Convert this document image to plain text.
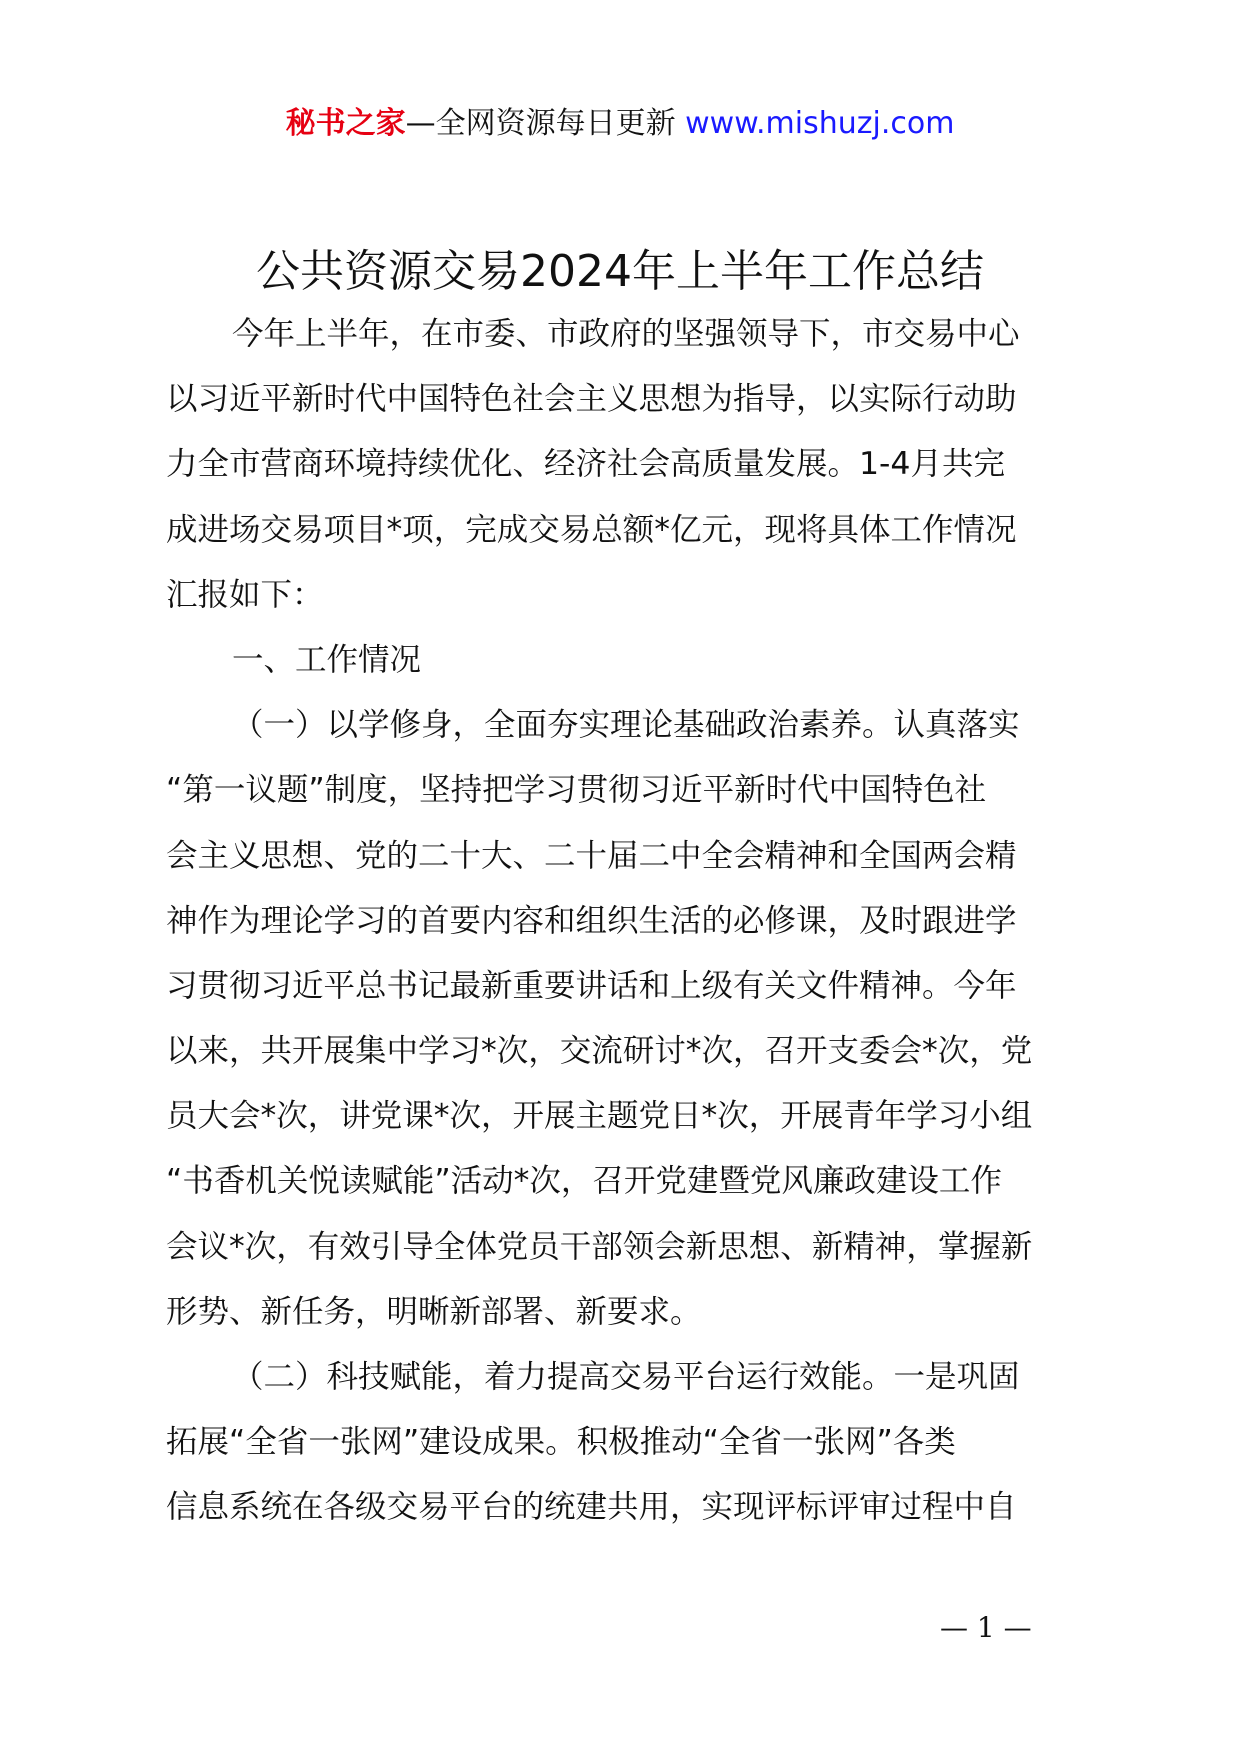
秘书之家—全网资源每日更新 www.mishuzj.com
公共资源交易2024年上半年工作总结
今年上半年，在市委、市政府的坚强领导下，市交易中心
以习近平新时代中国特色社会主义思想为指导，以实际行动助
力全市营商环境持续优化、经济社会高质量发展。1-4月共完
成进场交易项目*项，完成交易总额*亿元，现将具体工作情况
汇报如下：
一、工作情况
（一）以学修身，全面夯实理论基础政治素养。认真落实
“第一议题”制度，坚持把学习贯彻习近平新时代中国特色社
会主义思想、党的二十大、二十届二中全会精神和全国两会精
神作为理论学习的首要内容和组织生活的必修课，及时跟进学
习贯彻习近平总书记最新重要讲话和上级有关文件精神。今年
以来，共开展集中学习*次，交流研讨*次，召开支委会*次，党
员大会*次，讲党课*次，开展主题党日*次，开展青年学习小组
“书香机关悦读赋能”活动*次，召开党建暨党风廉政建设工作
会议*次，有效引导全体党员干部领会新思想、新精神，掌握新
形势、新任务，明晰新部署、新要求。
（二）科技赋能，着力提高交易平台运行效能。一是巩固
拓展“全省一张网”建设成果。积极推动“全省一张网”各类
信息系统在各级交易平台的统建共用，实现评标评审过程中自
— 1 —
